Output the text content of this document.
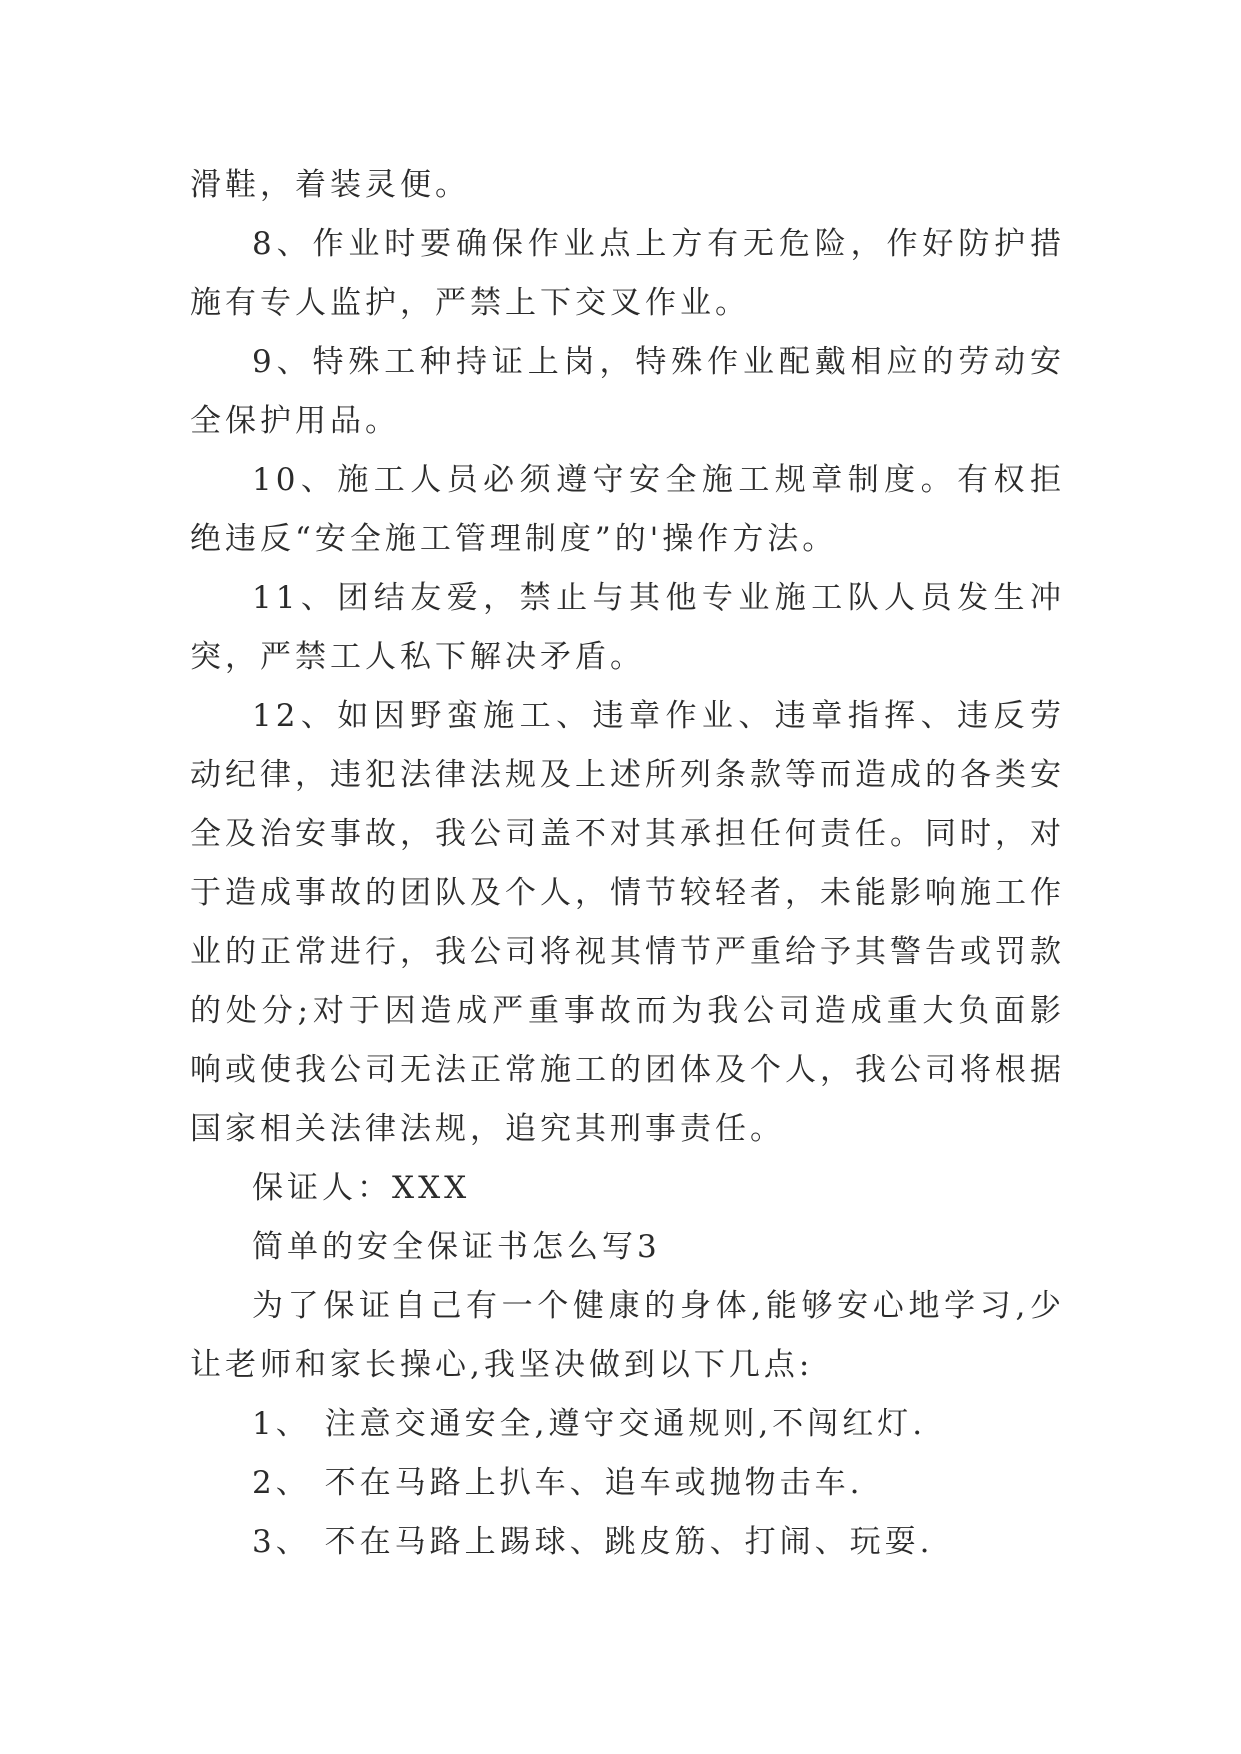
滑鞋，着装灵便。

8、作业时要确保作业点上方有无危险，作好防护措施有专人监护，严禁上下交叉作业。

9、特殊工种持证上岗，特殊作业配戴相应的劳动安全保护用品。

10、施工人员必须遵守安全施工规章制度。有权拒绝违反“安全施工管理制度”的'操作方法。

11、团结友爱，禁止与其他专业施工队人员发生冲突，严禁工人私下解决矛盾。

12、如因野蛮施工、违章作业、违章指挥、违反劳动纪律，违犯法律法规及上述所列条款等而造成的各类安全及治安事故，我公司盖不对其承担任何责任。同时，对于造成事故的团队及个人，情节较轻者，未能影响施工作业的正常进行，我公司将视其情节严重给予其警告或罚款的处分;对于因造成严重事故而为我公司造成重大负面影响或使我公司无法正常施工的团体及个人，我公司将根据国家相关法律法规，追究其刑事责任。

保证人：XXX

简单的安全保证书怎么写3

为了保证自己有一个健康的身体,能够安心地学习,少让老师和家长操心,我坚决做到以下几点:

1、 注意交通安全,遵守交通规则,不闯红灯.

2、 不在马路上扒车、追车或抛物击车.

3、 不在马路上踢球、跳皮筋、打闹、玩耍.
